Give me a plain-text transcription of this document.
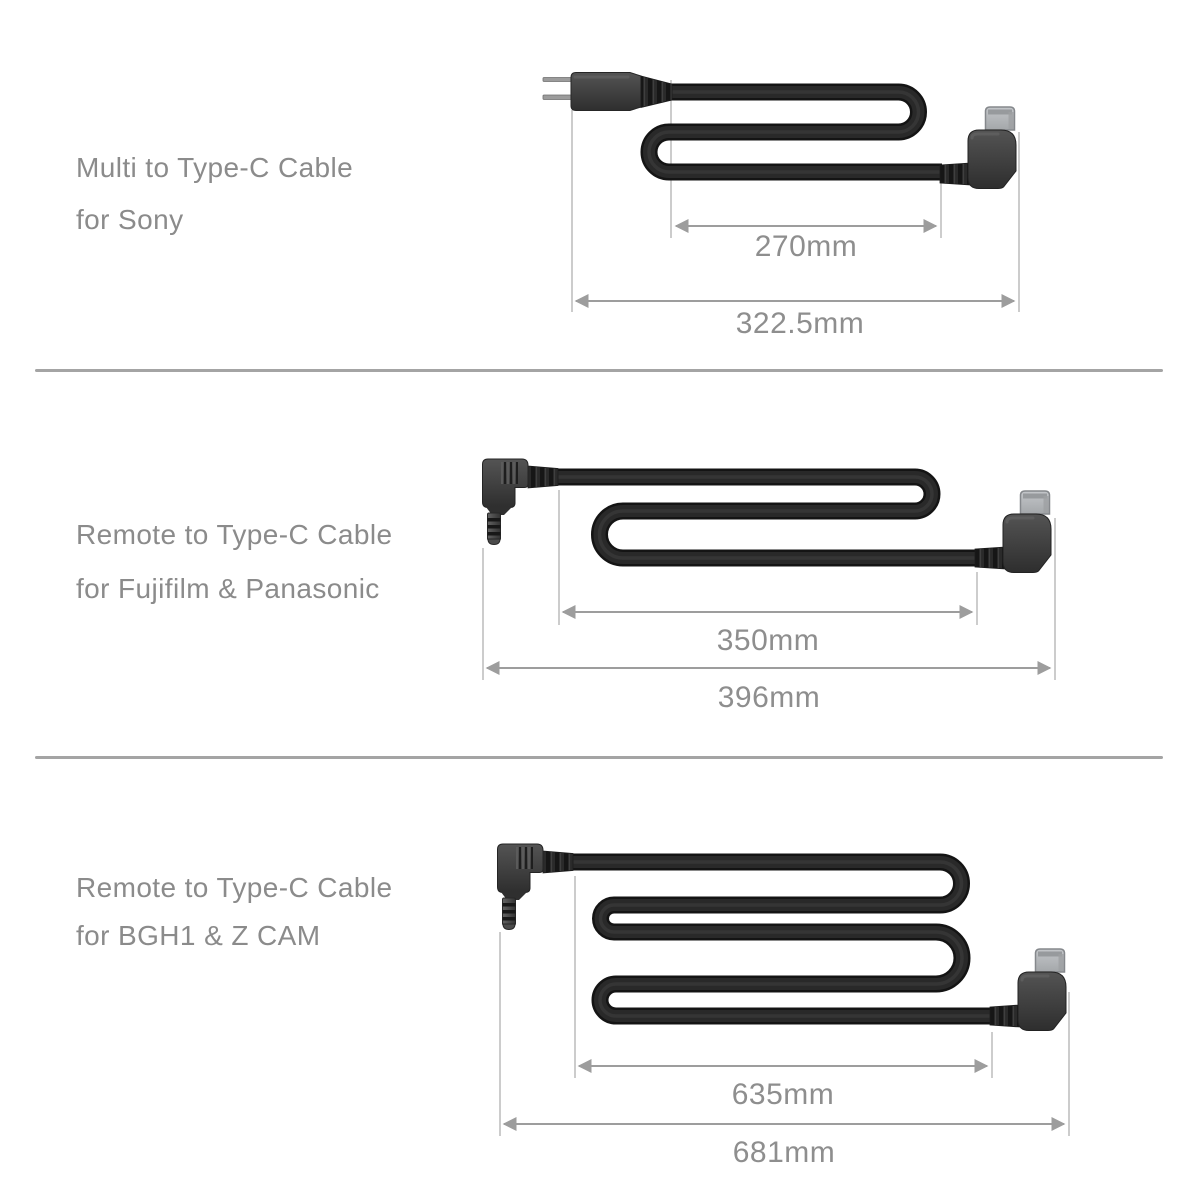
Multi to Type-C Cable
for Sony
Remote to Type-C Cable
for Fujifilm & Panasonic
Remote to Type-C Cable
for BGH1 & Z CAM
270mm
322.5mm
350mm
396mm
635mm
681mm
